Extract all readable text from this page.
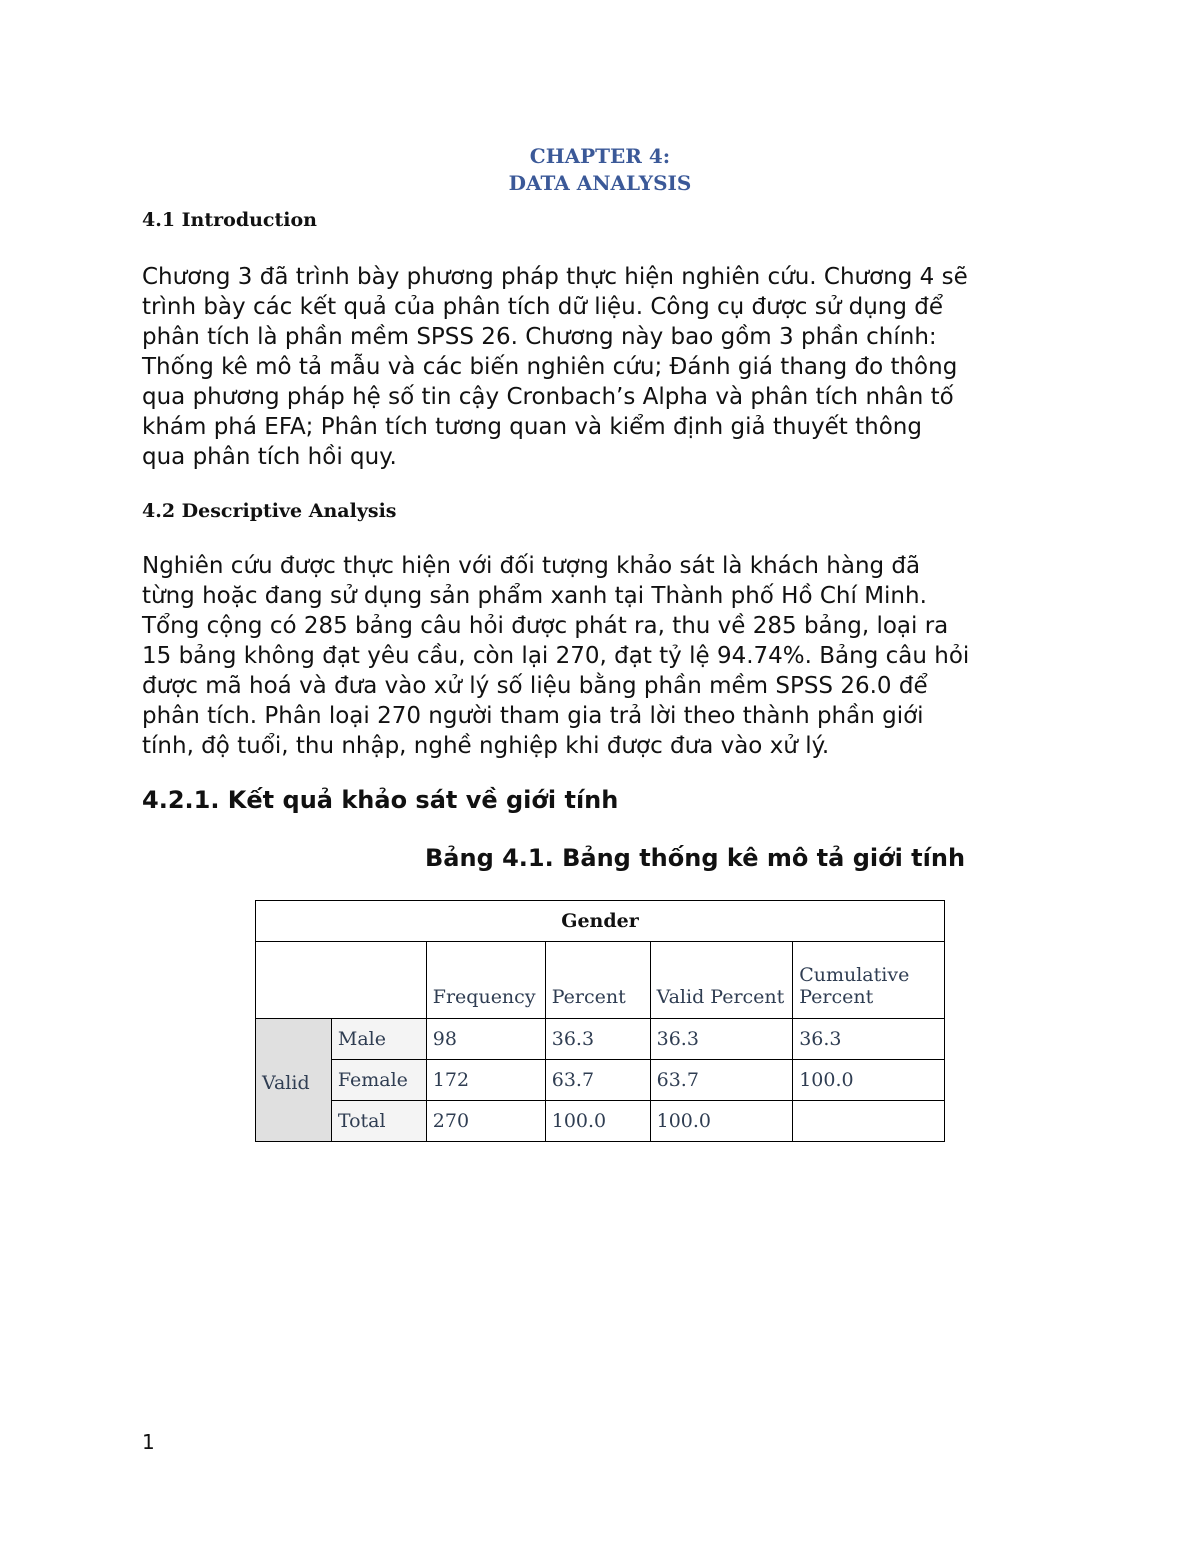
CHAPTER 4:
DATA ANALYSIS
4.1 Introduction
Chương 3 đã trình bày phương pháp thực hiện nghiên cứu. Chương 4 sẽ
trình bày các kết quả của phân tích dữ liệu. Công cụ được sử dụng để
phân tích là phần mềm SPSS 26. Chương này bao gồm 3 phần chính:
Thống kê mô tả mẫu và các biến nghiên cứu; Đánh giá thang đo thông
qua phương pháp hệ số tin cậy Cronbach’s Alpha và phân tích nhân tố
khám phá EFA; Phân tích tương quan và kiểm định giả thuyết thông
qua phân tích hồi quy.
4.2 Descriptive Analysis
Nghiên cứu được thực hiện với đối tượng khảo sát là khách hàng đã
từng hoặc đang sử dụng sản phẩm xanh tại Thành phố Hồ Chí Minh.
Tổng cộng có 285 bảng câu hỏi được phát ra, thu về 285 bảng, loại ra
15 bảng không đạt yêu cầu, còn lại 270, đạt tỷ lệ 94.74%. Bảng câu hỏi
được mã hoá và đưa vào xử lý số liệu bằng phần mềm SPSS 26.0 để
phân tích. Phân loại 270 người tham gia trả lời theo thành phần giới
tính, độ tuổi, thu nhập, nghề nghiệp khi được đưa vào xử lý.
4.2.1. Kết quả khảo sát về giới tính
Bảng 4.1. Bảng thống kê mô tả giới tính
Gender					
		Frequency	Percent	Valid Percent	Cumulative
Percent

Valid	Male	98	36.3	36.3	36.3
	Female	172	63.7	63.7	100.0
	Total	270	100.0	100.0	
1
